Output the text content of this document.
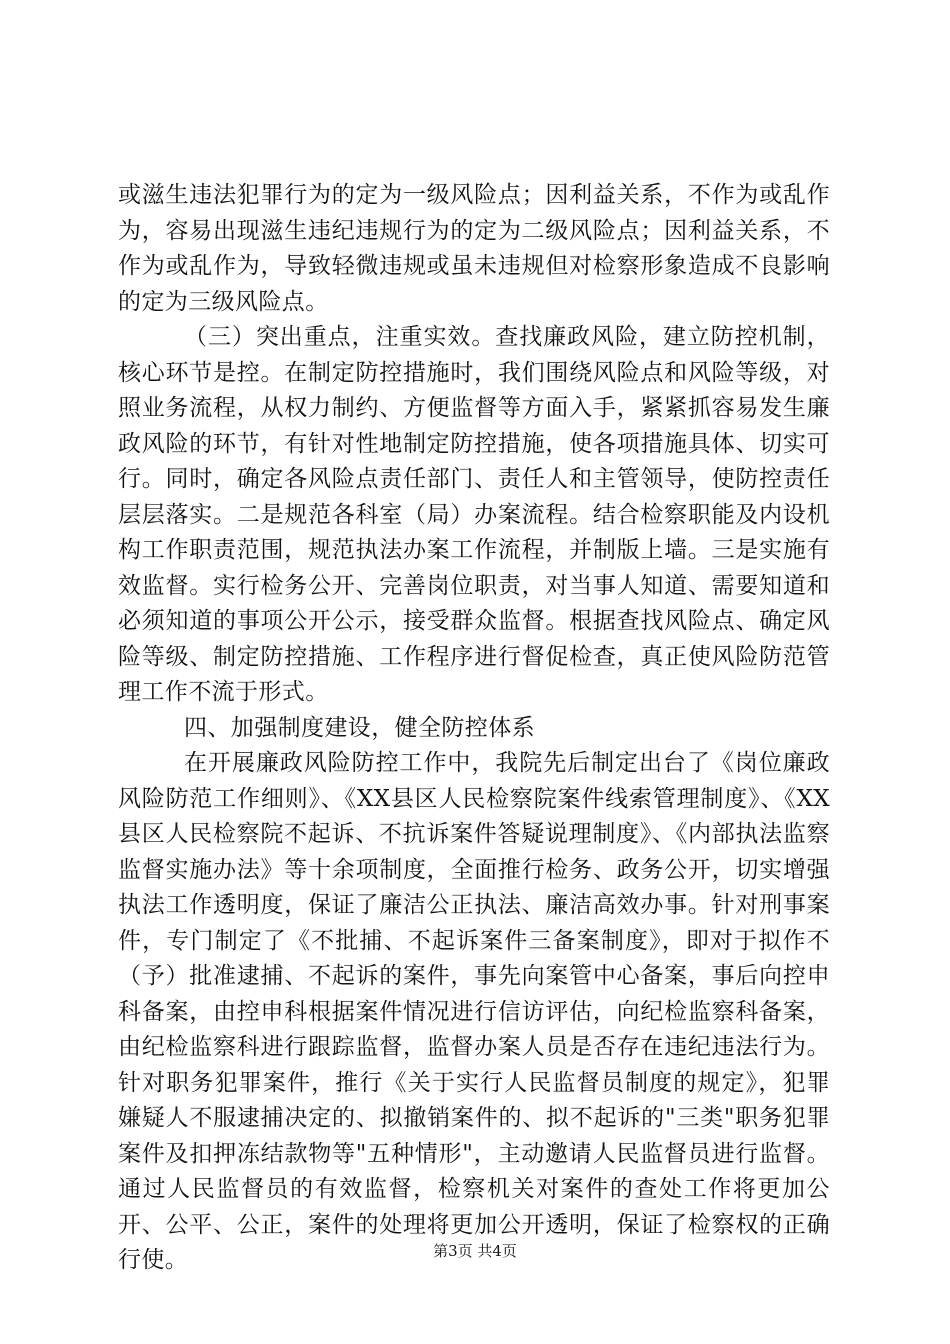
或滋生违法犯罪行为的定为一级风险点；因利益关系，不作为或乱作为，容易出现滋生违纪违规行为的定为二级风险点；因利益关系，不作为或乱作为，导致轻微违规或虽未违规但对检察形象造成不良影响的定为三级风险点。

（三）突出重点，注重实效。查找廉政风险，建立防控机制，核心环节是控。在制定防控措施时，我们围绕风险点和风险等级，对照业务流程，从权力制约、方便监督等方面入手，紧紧抓容易发生廉政风险的环节，有针对性地制定防控措施，使各项措施具体、切实可行。同时，确定各风险点责任部门、责任人和主管领导，使防控责任层层落实。二是规范各科室（局）办案流程。结合检察职能及内设机构工作职责范围，规范执法办案工作流程，并制版上墙。三是实施有效监督。实行检务公开、完善岗位职责，对当事人知道、需要知道和必须知道的事项公开公示，接受群众监督。根据查找风险点、确定风险等级、制定防控措施、工作程序进行督促检查，真正使风险防范管理工作不流于形式。

四、加强制度建设，健全防控体系

在开展廉政风险防控工作中，我院先后制定出台了《岗位廉政风险防范工作细则》、《XX县区人民检察院案件线索管理制度》、《XX县区人民检察院不起诉、不抗诉案件答疑说理制度》、《内部执法监察监督实施办法》等十余项制度，全面推行检务、政务公开，切实增强执法工作透明度，保证了廉洁公正执法、廉洁高效办事。针对刑事案件，专门制定了《不批捕、不起诉案件三备案制度》，即对于拟作不（予）批准逮捕、不起诉的案件，事先向案管中心备案，事后向控申科备案，由控申科根据案件情况进行信访评估，向纪检监察科备案，由纪检监察科进行跟踪监督，监督办案人员是否存在违纪违法行为。针对职务犯罪案件，推行《关于实行人民监督员制度的规定》，犯罪嫌疑人不服逮捕决定的、拟撤销案件的、拟不起诉的"三类"职务犯罪案件及扣押冻结款物等"五种情形"，主动邀请人民监督员进行监督。通过人民监督员的有效监督，检察机关对案件的查处工作将更加公开、公平、公正，案件的处理将更加公开透明，保证了检察权的正确行使。	第3页 共4页
